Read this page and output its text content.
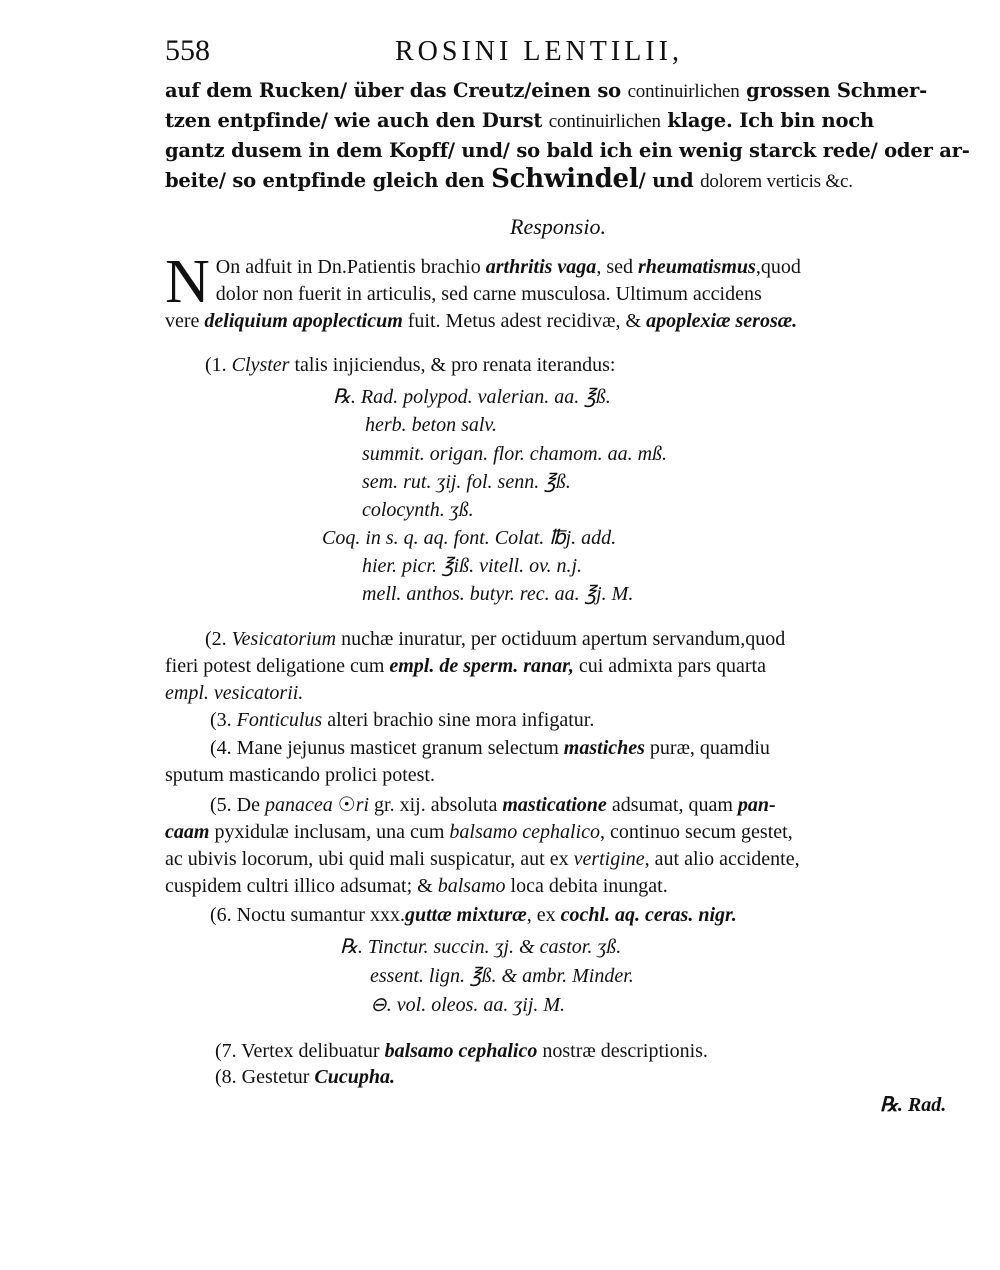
558	ROSINI LENTILII,
auf dem Rucken/ über das Creutz/einen so continuirlichen grossen Schmer-
tzen entpfinde/ wie auch den Durst continuirlichen klage. Ich bin noch
gantz dusem in dem Kopff/ und/ so bald ich ein wenig starck rede/ oder ar-
beite/ so entpfinde gleich den Schwindel/ und dolorem verticis &c.
Responsio.
N On adfuit in Dn.Patientis brachio arthritis vaga, sed rheumatismus,quod
dolor non fuerit in articulis, sed carne musculosa. Ultimum accidens
vere deliquium apoplecticum fuit. Metus adest recidivæ, & apoplexiæ serosæ.
(1. Clyster talis injiciendus, & pro renata iterandus:
℞. Rad. polypod. valerian. aa. ℥ß.
herb. beton salv.
summit. origan. flor. chamom. aa. mß.
sem. rut. ʒij. fol. senn. ℥ß.
colocynth. ʒß.
Coq. in s. q. aq. font. Colat. ℔j. add.
hier. picr. ℥iß. vitell. ov. n.j.
mell. anthos. butyr. rec. aa. ℥j. M.
(2. Vesicatorium nuchæ inuratur, per octiduum apertum servandum,quod
fieri potest deligatione cum empl. de sperm. ranar, cui admixta pars quarta
empl. vesicatorii.
(3. Fonticulus alteri brachio sine mora infigatur.
(4. Mane jejunus masticet granum selectum mastiches puræ, quamdiu
sputum masticando prolici potest.
(5. De panacea ☉ri gr. xij. absoluta masticatione adsumat, quam pan-
caam pyxidulæ inclusam, una cum balsamo cephalico, continuo secum gestet,
ac ubivis locorum, ubi quid mali suspicatur, aut ex vertigine, aut alio accidente,
cuspidem cultri illico adsumat; & balsamo loca debita inungat.
(6. Noctu sumantur xxx.guttæ mixturæ, ex cochl. aq. ceras. nigr.
℞. Tinctur. succin. ʒj. & castor. ʒß.
essent. lign. ℥ß. & ambr. Minder.
⊖. vol. oleos. aa. ʒij. M.
(7. Vertex delibuatur balsamo cephalico nostræ descriptionis.
(8. Gestetur Cucupha.
℞. Rad.
